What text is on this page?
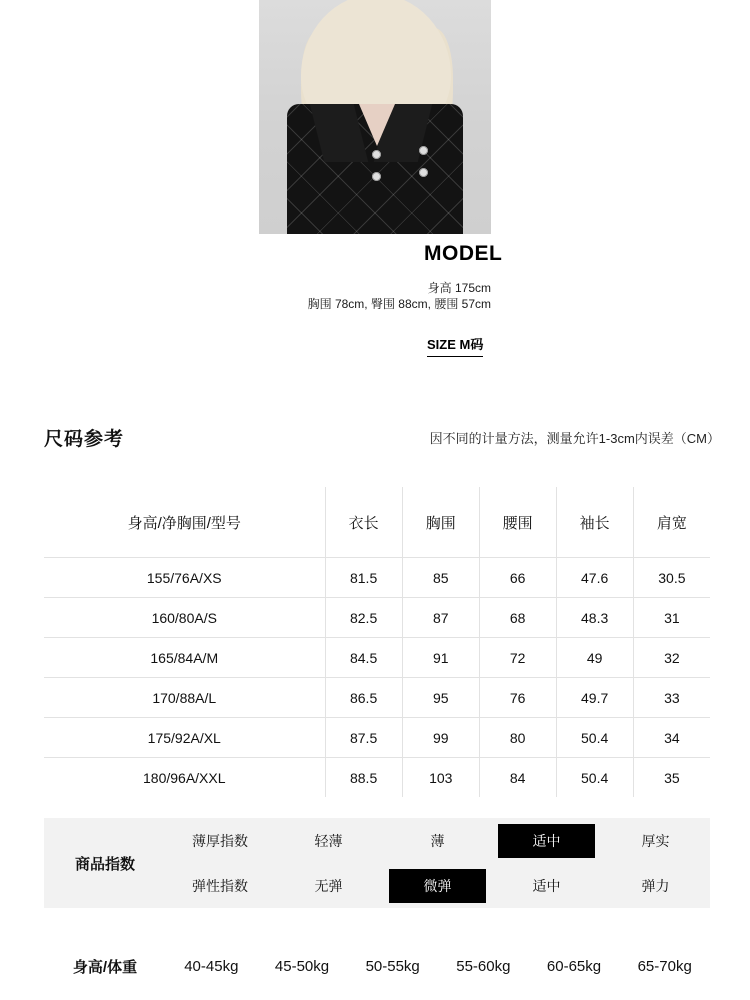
MODEL
身高 175cm
胸围 78cm, 臀围 88cm, 腰围 57cm
SIZE M码
尺码参考	因不同的计量方法，测量允许1-3cm内误差（CM）
身高/净胸围/型号	衣长	胸围	腰围	袖长	肩宽
155/76A/XS	81.5	85	66	47.6	30.5
160/80A/S	82.5	87	68	48.3	31
165/84A/M	84.5	91	72	49	32
170/88A/L	86.5	95	76	49.7	33
175/92A/XL	87.5	99	80	50.4	34
180/96A/XXL	88.5	103	84	50.4	35
商品指数
薄厚指数	轻薄	薄	适中	厚实
弹性指数	无弹	微弹	适中	弹力
身高/体重	40-45kg	45-50kg	50-55kg	55-60kg	60-65kg	65-70kg
